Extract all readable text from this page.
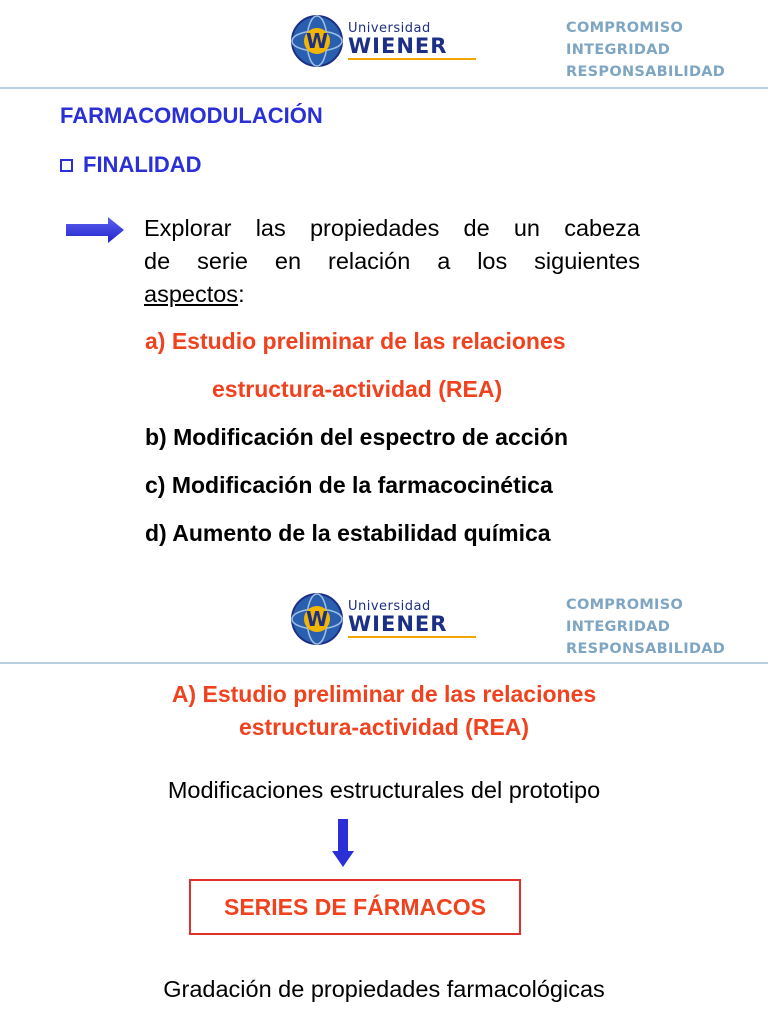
W
Universidad
WIENER
COMPROMISO
INTEGRIDAD
RESPONSABILIDAD
FARMACOMODULACIÓN
FINALIDAD
Explorar las propiedades de un cabeza
de serie en relación a los siguientes
aspectos:
a) Estudio preliminar de las relaciones
estructura-actividad (REA)
b) Modificación del espectro de acción
c) Modificación de la farmacocinética
d) Aumento de la estabilidad química
W
Universidad
WIENER
COMPROMISO
INTEGRIDAD
RESPONSABILIDAD
A) Estudio preliminar de las relaciones
estructura-actividad (REA)
Modificaciones estructurales del prototipo
SERIES DE FÁRMACOS
Gradación de propiedades farmacológicas
